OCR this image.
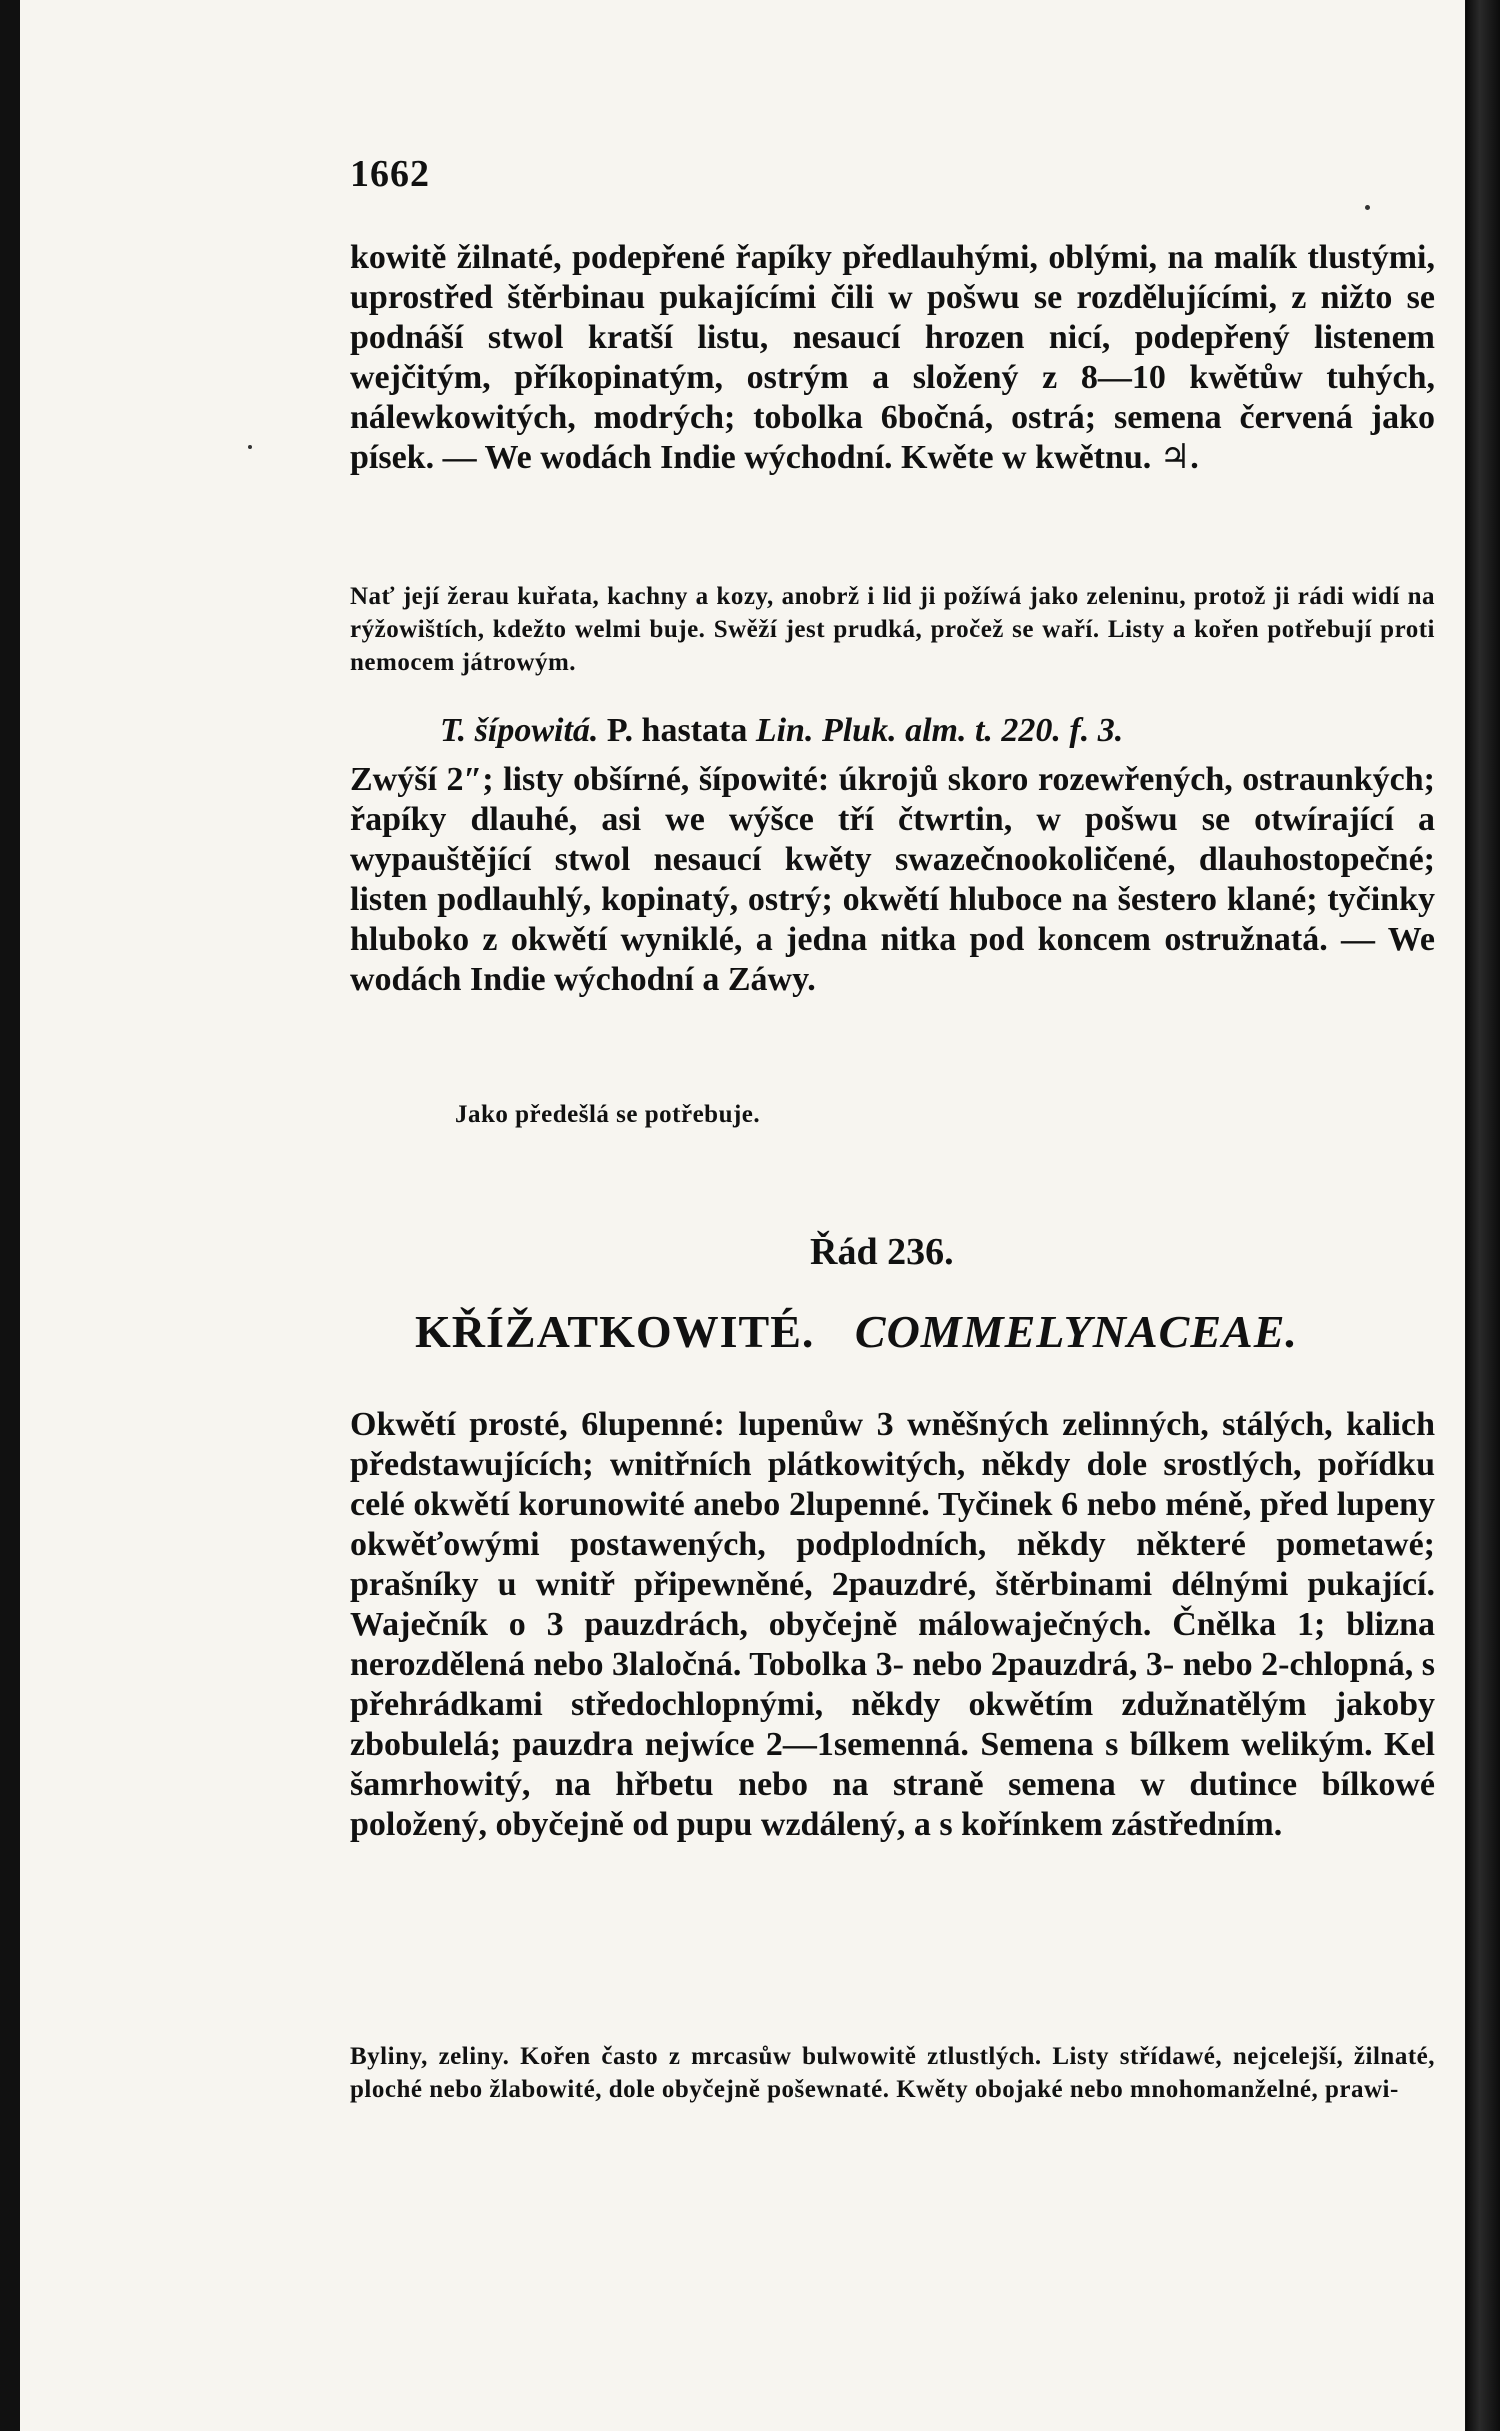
1662
kowitě žilnaté, podepřené řapíky předlauhými, oblými, na malík tlustými, uprostřed štěrbinau pukajícími čili w pošwu se rozdělujícími, z nižto se podnáší stwol kratší listu, nesaucí hrozen nicí, podepřený listenem wejčitým, příkopinatým, ostrým a složený z 8—10 kwětůw tuhých, nálewkowitých, modrých; tobolka 6bočná, ostrá; semena červená jako písek. — We wodách Indie wýchodní. Kwěte w kwětnu. ♃.
Nať její žerau kuřata, kachny a kozy, anobrž i lid ji požíwá jako zeleninu, protož ji rádi widí na rýžowištích, kdežto welmi buje. Swěží jest prudká, pročež se waří. Listy a kořen potřebují proti nemocem játrowým.
T. šípowitá. P. hastata Lin. Pluk. alm. t. 220. f. 3.
Zwýší 2″; listy obšírné, šípowité: úkrojů skoro rozewřených, ostraunkých; řapíky dlauhé, asi we wýšce tří čtwrtin, w pošwu se otwírající a wypauštějící stwol nesaucí kwěty swazečnookoličené, dlauhostopečné; listen podlauhlý, kopinatý, ostrý; okwětí hluboce na šestero klané; tyčinky hluboko z okwětí wyniklé, a jedna nitka pod koncem ostružnatá. — We wodách Indie wýchodní a Záwy.
Jako předešlá se potřebuje.
Řád 236.
KŘÍŽATKOWITÉ. COMMELYNACEAE.
Okwětí prosté, 6lupenné: lupenůw 3 wněšných zelinných, stálých, kalich předstawujících; wnitřních plátkowitých, někdy dole srostlých, pořídku celé okwětí korunowité anebo 2lupenné. Tyčinek 6 nebo méně, před lupeny okwěťowými postawených, podplodních, někdy některé pometawé; prašníky u wnitř připewněné, 2pauzdré, štěrbinami délnými pukající. Waječník o 3 pauzdrách, obyčejně málowaječných. Čnělka 1; blizna nerozdělená nebo 3laločná. Tobolka 3- nebo 2pauzdrá, 3- nebo 2-chlopná, s přehrádkami středochlopnými, někdy okwětím zdužnatělým jakoby zbobulelá; pauzdra nejwíce 2—1semenná. Semena s bílkem welikým. Kel šamrhowitý, na hřbetu nebo na straně semena w dutince bílkowé položený, obyčejně od pupu wzdálený, a s kořínkem zástředním.
Byliny, zeliny. Kořen často z mrcasůw bulwowitě ztlustlých. Listy střídawé, nejcelejší, žilnaté, ploché nebo žlabowité, dole obyčejně pošewnaté. Kwěty obojaké nebo mnohomanželné, prawi-
